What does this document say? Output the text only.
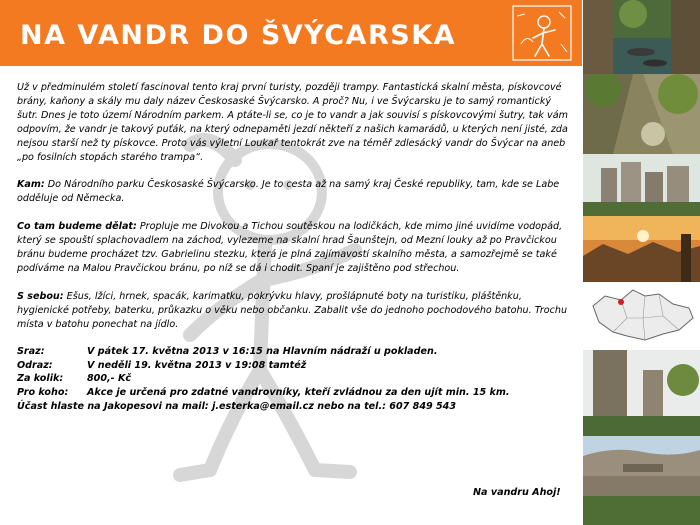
NA VANDR DO ŠVÝCARSKA

Už v předminulém století fascinoval tento kraj první turisty, později trampy. Fantastická skalní města, pískovcové brány, kaňony a skály mu daly název Českosaské Švýcarsko. A proč? Nu, i ve Švýcarsku je to samý romantický šutr. Dnes je toto území Národním parkem. A ptáte-li se, co je to vandr a jak souvisí s pískovcovými šutry, tak vám odpovím, že vandr je takový puťák, na který odnepaměti jezdí někteří z našich kamarádů, u kterých není jisté, zda nejsou starší než ty pískovce. Proto vás výletní Loukař tentokrát zve na téměř zdlesácký vandr do Švýcar na aneb „po fosilních stopách starého trampa“.

Kam: Do Národního parku Českosaské Švýcarsko. Je to cesta až na samý kraj České republiky, tam, kde se Labe odděluje od Německa.

Co tam budeme dělat: Propluje me Divokou a Tichou soutěskou na lodičkách, kde mimo jiné uvidíme vodopád, který se spouští splachovadlem na záchod, vylezeme na skalní hrad Šaunštejn, od Mezní louky až po Pravčickou bránu budeme procházet tzv. Gabrielinu stezku, která je plná zajímavostí skalního města, a samozřejmě se také podíváme na Malou Pravčickou bránu, po níž se dá i chodit. Spaní je zajištěno pod střechou.

S sebou: Ešus, lžíci, hrnek, spacák, karimatku, pokrývku hlavy, prošlápnuté boty na turistiku, pláštěnku, hygienické potřeby, baterku, průkazku o věku nebo občanku. Zabalit vše do jednoho pochodového batohu. Trochu místa v batohu ponechat na jídlo.

Sraz:	V pátek 17. května 2013 v 16:15 na Hlavním nádraží u pokladen.
Odraz:	V neděli 19. května 2013 v 19:08 tamtéž
Za kolik:	800,- Kč
Pro koho:	Akce je určená pro zdatné vandrovníky, kteří zvládnou za den ujít min. 15 km.
Účast hlaste na Jakopesovi na mail: j.esterka@email.cz nebo na tel.: 607 849 543
Na vandru Ahoj!
